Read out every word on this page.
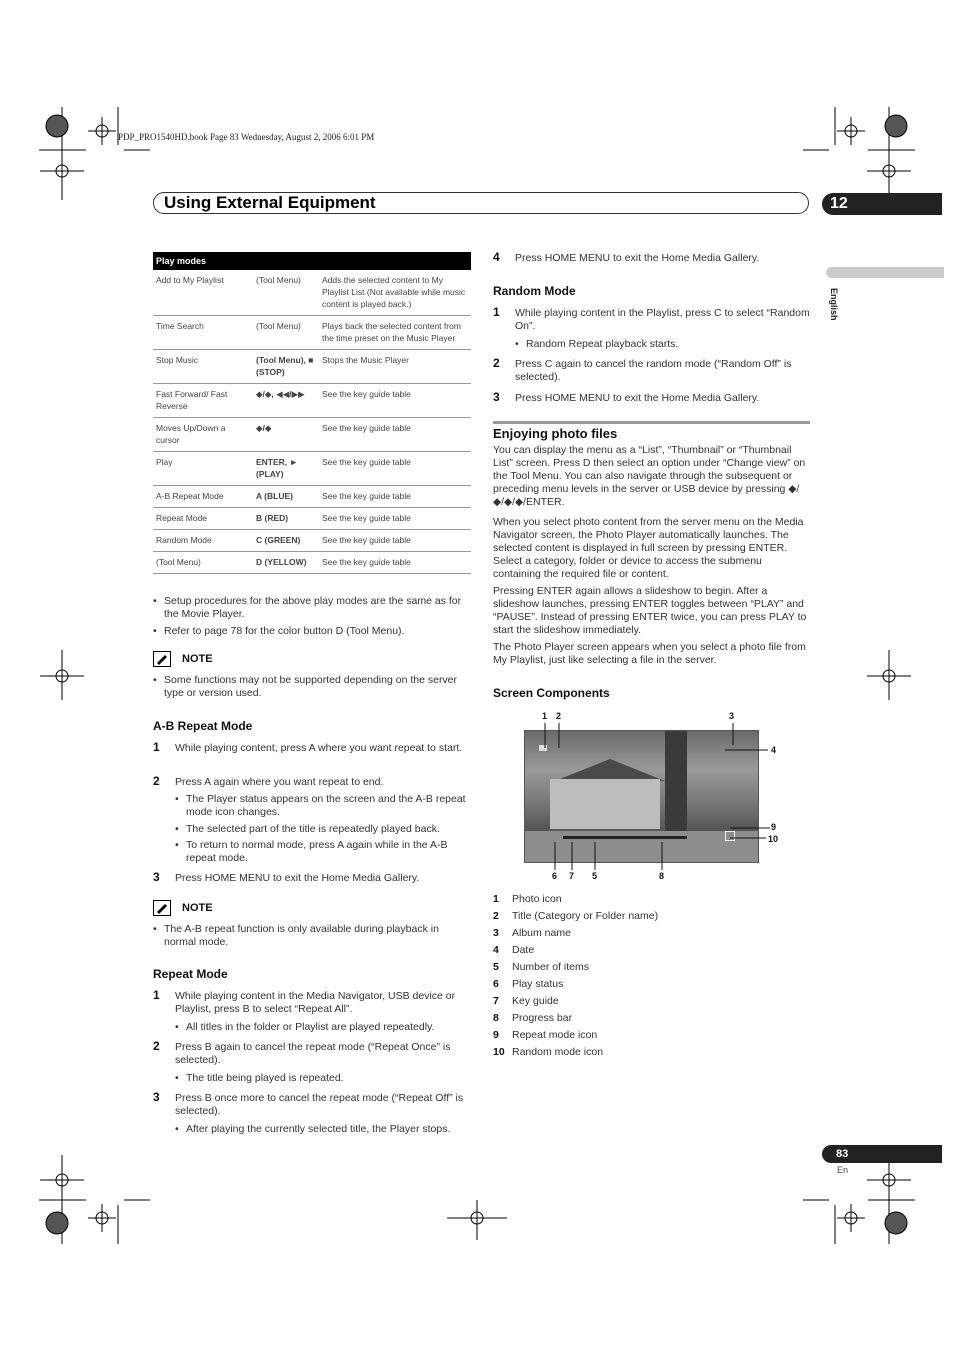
PDP_PRO1540HD.book Page 83 Wednesday, August 2, 2006 6:01 PM
Using External Equipment	12
English
Play modes		
Add to My Playlist	(Tool Menu)	Adds the selected content to My Playlist List (Not available while music content is played back.)
Time Search	(Tool Menu)	Plays back the selected content from the time preset on the Music Player
Stop Music	(Tool Menu), ■ (STOP)	Stops the Music Player
Fast Forward/ Fast Reverse	◆/◆, ◀◀/▶▶	See the key guide table
Moves Up/Down a cursor	◆/◆	See the key guide table
Play	ENTER, ► (PLAY)	See the key guide table
A-B Repeat Mode	A (BLUE)	See the key guide table
Repeat Mode	B (RED)	See the key guide table
Random Mode	C (GREEN)	See the key guide table
(Tool Menu)	D (YELLOW)	See the key guide table
• Setup procedures for the above play modes are the same as for the Movie Player.
• Refer to page 78 for the color button D (Tool Menu).
NOTE
• Some functions may not be supported depending on the server type or version used.
A-B Repeat Mode
1 While playing content, press A where you want repeat to start.
2 Press A again where you want repeat to end.
• The Player status appears on the screen and the A-B repeat mode icon changes.
• The selected part of the title is repeatedly played back.
• To return to normal mode, press A again while in the A-B repeat mode.
3 Press HOME MENU to exit the Home Media Gallery.
NOTE
• The A-B repeat function is only available during playback in normal mode.
Repeat Mode
1 While playing content in the Media Navigator, USB device or Playlist, press B to select “Repeat All”.
• All titles in the folder or Playlist are played repeatedly.
2 Press B again to cancel the repeat mode (“Repeat Once” is selected).
• The title being played is repeated.
3 Press B once more to cancel the repeat mode (“Repeat Off” is selected).
• After playing the currently selected title, the Player stops.
4 Press HOME MENU to exit the Home Media Gallery.
Random Mode
1 While playing content in the Playlist, press C to select “Random On”.
• Random Repeat playback starts.
2 Press C again to cancel the random mode (“Random Off” is selected).
3 Press HOME MENU to exit the Home Media Gallery.
Enjoying photo files
You can display the menu as a “List”, “Thumbnail” or “Thumbnail List” screen. Press D then select an option under “Change view” on the Tool Menu. You can also navigate through the subsequent or preceding menu levels in the server or USB device by pressing ◆/◆/◆/◆/ENTER.
When you select photo content from the server menu on the Media Navigator screen, the Photo Player automatically launches. The selected content is displayed in full screen by pressing ENTER. Select a category, folder or device to access the submenu containing the required file or content.
Pressing ENTER again allows a slideshow to begin. After a slideshow launches, pressing ENTER toggles between “PLAY” and “PAUSE”. Instead of pressing ENTER twice, you can press PLAY to start the slideshow immediately.
The Photo Player screen appears when you select a photo file from My Playlist, just like selecting a file in the server.
Screen Components
1 2	3
4
9
10
6 7 5	8
1 Photo icon
2 Title (Category or Folder name)
3 Album name
4 Date
5 Number of items
6 Play status
7 Key guide
8 Progress bar
9 Repeat mode icon
10 Random mode icon
83
En
